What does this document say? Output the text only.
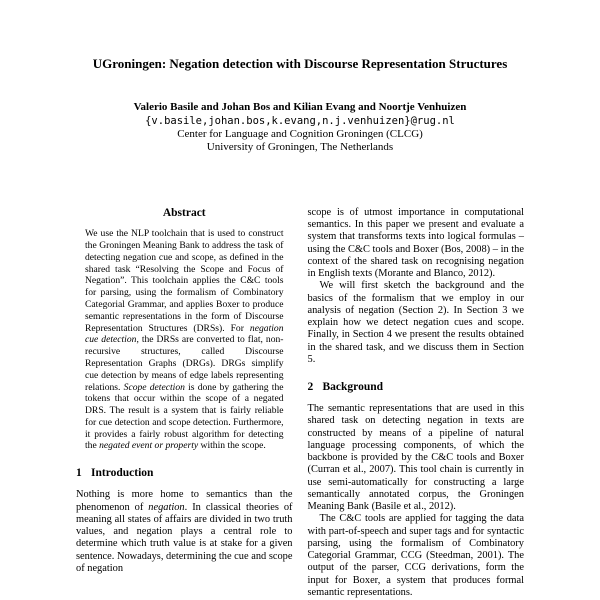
UGroningen: Negation detection with Discourse Representation Structures
Valerio Basile and Johan Bos and Kilian Evang and Noortje Venhuizen
{v.basile,johan.bos,k.evang,n.j.venhuizen}@rug.nl
Center for Language and Cognition Groningen (CLCG)
University of Groningen, The Netherlands
Abstract

We use the NLP toolchain that is used to construct the Groningen Meaning Bank to address the task of detecting negation cue and scope, as defined in the shared task “Resolving the Scope and Focus of Negation”. This toolchain applies the C&C tools for parsing, using the formalism of Combinatory Categorial Grammar, and applies Boxer to produce semantic representations in the form of Discourse Representation Structures (DRSs). For negation cue detection, the DRSs are converted to flat, non-recursive structures, called Discourse Representation Graphs (DRGs). DRGs simplify cue detection by means of edge labels representing relations. Scope detection is done by gathering the tokens that occur within the scope of a negated DRS. The result is a system that is fairly reliable for cue detection and scope detection. Furthermore, it provides a fairly robust algorithm for detecting the negated event or property within the scope.

1 Introduction

Nothing is more home to semantics than the phenomenon of negation. In classical theories of meaning all states of affairs are divided in two truth values, and negation plays a central role to determine which truth value is at stake for a given sentence. Nowadays, determining the cue and scope of negation

scope is of utmost importance in computational semantics. In this paper we present and evaluate a system that transforms texts into logical formulas – using the C&C tools and Boxer (Bos, 2008) – in the context of the shared task on recognising negation in English texts (Morante and Blanco, 2012).

We will first sketch the background and the basics of the formalism that we employ in our analysis of negation (Section 2). In Section 3 we explain how we detect negation cues and scope. Finally, in Section 4 we present the results obtained in the shared task, and we discuss them in Section 5.

2 Background

The semantic representations that are used in this shared task on detecting negation in texts are constructed by means of a pipeline of natural language processing components, of which the backbone is provided by the C&C tools and Boxer (Curran et al., 2007). This tool chain is currently in use semi-automatically for constructing a large semantically annotated corpus, the Groningen Meaning Bank (Basile et al., 2012).

The C&C tools are applied for tagging the data with part-of-speech and super tags and for syntactic parsing, using the formalism of Combinatory Categorial Grammar, CCG (Steedman, 2001). The output of the parser, CCG derivations, form the input for Boxer, a system that produces formal semantic representations.
